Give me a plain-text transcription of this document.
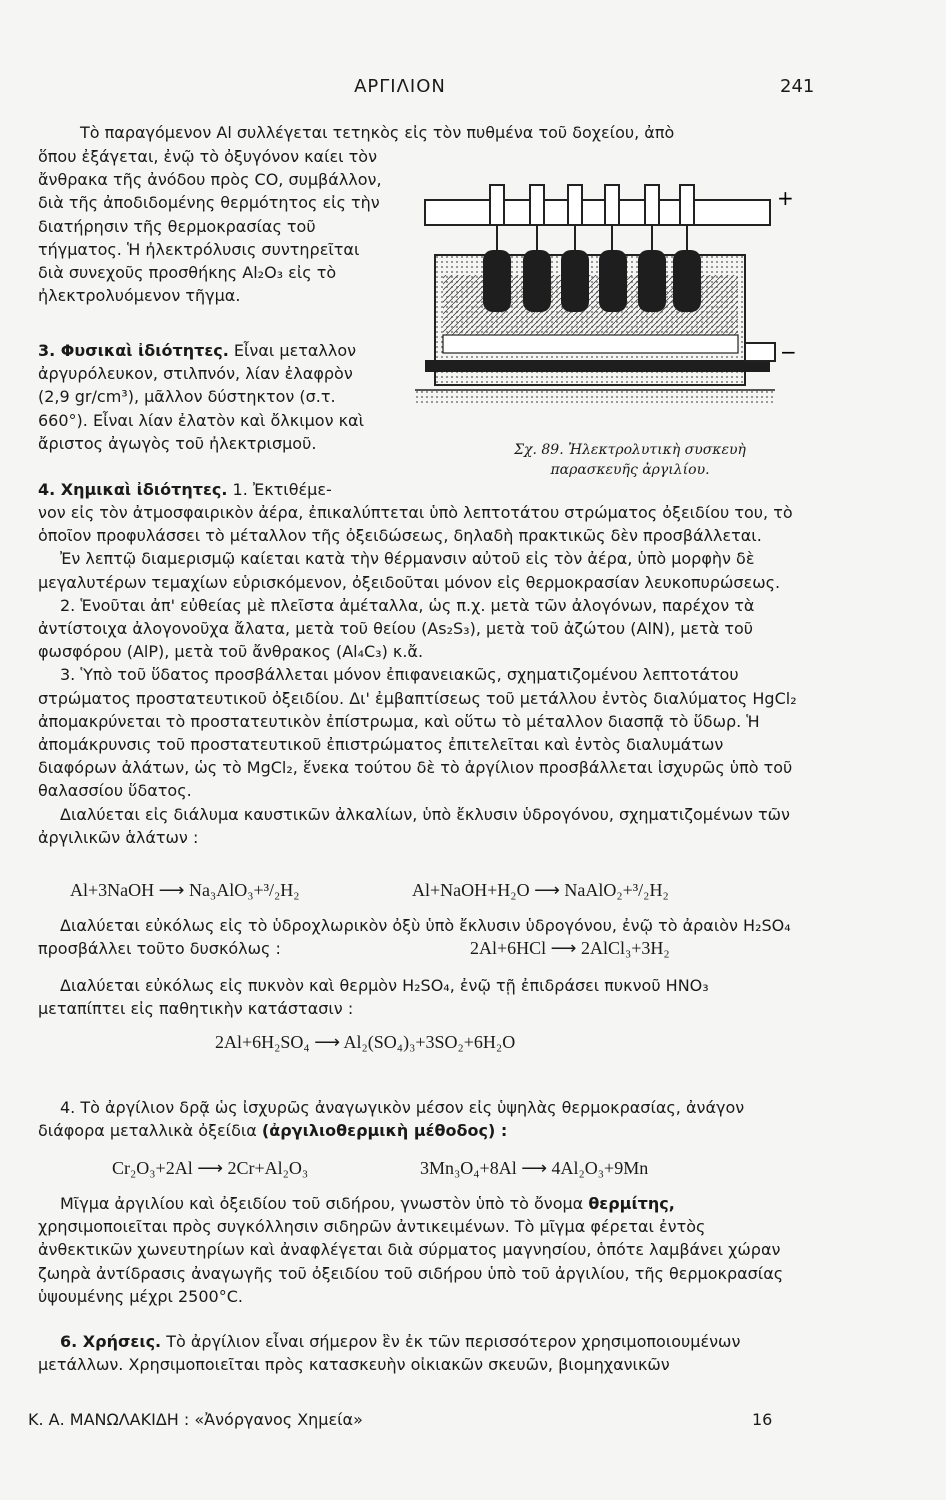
ΑΡΓΙΛΙΟΝ	241
Τὸ παραγόμενον Al συλλέγεται τετηκὸς εἰς τὸν πυθμένα τοῦ δοχείου, ἀπὸ
ὅπου ἐξάγεται, ἐνῷ τὸ ὀξυγόνον καίει τὸν ἄνθρακα τῆς ἀνόδου πρὸς CO, συμβάλλον, διὰ τῆς ἀποδιδομένης θερμότητος εἰς τὴν διατήρησιν τῆς θερμοκρασίας τοῦ τήγματος. Ἡ ἠλεκτρόλυσις συντηρεῖται διὰ συνεχοῦς προσθήκης Al₂O₃ εἰς τὸ ἠλεκτρολυόμενον τῆγμα.
3. Φυσικαὶ ἰδιότητες. Εἶναι μεταλλον ἀργυρόλευκον, στιλπνόν, λίαν ἐλαφρὸν (2,9 gr/cm³), μᾶλλον δύστηκτον (σ.τ. 660°). Εἶναι λίαν ἐλατὸν καὶ ὄλκιμον καὶ ἄριστος ἀγωγὸς τοῦ ἠλεκτρισμοῦ.
+
−
Σχ. 89. Ἠλεκτρολυτικὴ συσκευὴ
παρασκευῆς ἀργιλίου.
4. Χημικαὶ ἰδιότητες. 1. Ἐκτιθέμε-
νον εἰς τὸν ἀτμοσφαιρικὸν ἀέρα, ἐπικαλύπτεται ὑπὸ λεπτοτάτου στρώματος ὀξειδίου του, τὸ ὁποῖον προφυλάσσει τὸ μέταλλον τῆς ὀξειδώσεως, δηλαδὴ πρακτικῶς δὲν προσβάλλεται.
Ἐν λεπτῷ διαμερισμῷ καίεται κατὰ τὴν θέρμανσιν αὐτοῦ εἰς τὸν ἀέρα, ὑπὸ μορφὴν δὲ μεγαλυτέρων τεμαχίων εὑρισκόμενον, ὀξειδοῦται μόνον εἰς θερμοκρασίαν λευκοπυρώσεως.
2. Ἑνοῦται ἀπ' εὐθείας μὲ πλεῖστα ἀμέταλλα, ὡς π.χ. μετὰ τῶν ἀλογόνων, παρέχον τὰ ἀντίστοιχα ἀλογονοῦχα ἄλατα, μετὰ τοῦ θείου (As₂S₃), μετὰ τοῦ ἀζώτου (AlN), μετὰ τοῦ φωσφόρου (AlP), μετὰ τοῦ ἄνθρακος (Al₄C₃) κ.ἄ.
3. Ὑπὸ τοῦ ὕδατος προσβάλλεται μόνον ἐπιφανειακῶς, σχηματιζομένου λεπτοτάτου στρώματος προστατευτικοῦ ὀξειδίου. Δι' ἐμβαπτίσεως τοῦ μετάλλου ἐντὸς διαλύματος HgCl₂ ἀπομακρύνεται τὸ προστατευτικὸν ἐπίστρωμα, καὶ οὕτω τὸ μέταλλον διασπᾷ τὸ ὕδωρ. Ἡ ἀπομάκρυνσις τοῦ προστατευτικοῦ ἐπιστρώματος ἐπιτελεῖται καὶ ἐντὸς διαλυμάτων διαφόρων ἀλάτων, ὡς τὸ MgCl₂, ἕνεκα τούτου δὲ τὸ ἀργίλιον προσβάλλεται ἰσχυρῶς ὑπὸ τοῦ θαλασσίου ὕδατος.
Διαλύεται εἰς διάλυμα καυστικῶν ἀλκαλίων, ὑπὸ ἔκλυσιν ὑδρογόνου, σχηματιζομένων τῶν ἀργιλικῶν ἁλάτων :
Al+3NaOH ⟶ Na₃AlO₃+³/₂H₂	Al+NaOH+H₂O ⟶ NaAlO₂+³/₂H₂
Διαλύεται εὐκόλως εἰς τὸ ὑδροχλωρικὸν ὀξὺ ὑπὸ ἔκλυσιν ὑδρογόνου, ἐνῷ τὸ ἀραιὸν H₂SO₄ προσβάλλει τοῦτο δυσκόλως :	2Al+6HCl ⟶ 2AlCl₃+3H₂
Διαλύεται εὐκόλως εἰς πυκνὸν καὶ θερμὸν H₂SO₄, ἐνῷ τῇ ἐπιδράσει πυκνοῦ HNO₃ μεταπίπτει εἰς παθητικὴν κατάστασιν :
2Al+6H₂SO₄ ⟶ Al₂(SO₄)₃+3SO₂+6H₂O
4. Τὸ ἀργίλιον δρᾷ ὡς ἰσχυρῶς ἀναγωγικὸν μέσον εἰς ὑψηλὰς θερμοκρασίας, ἀνάγον διάφορα μεταλλικὰ ὀξείδια (ἀργιλιοθερμικὴ μέθοδος) :
Cr₂O₃+2Al ⟶ 2Cr+Al₂O₃	3Mn₃O₄+8Al ⟶ 4Al₂O₃+9Mn
Μῖγμα ἀργιλίου καὶ ὀξειδίου τοῦ σιδήρου, γνωστὸν ὑπὸ τὸ ὄνομα θερμίτης, χρησιμοποιεῖται πρὸς συγκόλλησιν σιδηρῶν ἀντικειμένων. Τὸ μῖγμα φέρεται ἐντὸς ἀνθεκτικῶν χωνευτηρίων καὶ ἀναφλέγεται διὰ σύρματος μαγνησίου, ὁπότε λαμβάνει χώραν ζωηρὰ ἀντίδρασις ἀναγωγῆς τοῦ ὀξειδίου τοῦ σιδήρου ὑπὸ τοῦ ἀργιλίου, τῆς θερμοκρασίας ὑψουμένης μέχρι 2500°C.
6. Χρήσεις. Τὸ ἀργίλιον εἶναι σήμερον ἓν ἐκ τῶν περισσότερον χρησιμοποιουμένων μετάλλων. Χρησιμοποιεῖται πρὸς κατασκευὴν οἰκιακῶν σκευῶν, βιομηχανικῶν
Κ. Α. ΜΑΝΩΛΑΚΙΔΗ : «Ἀνόργανος Χημεία»	16
